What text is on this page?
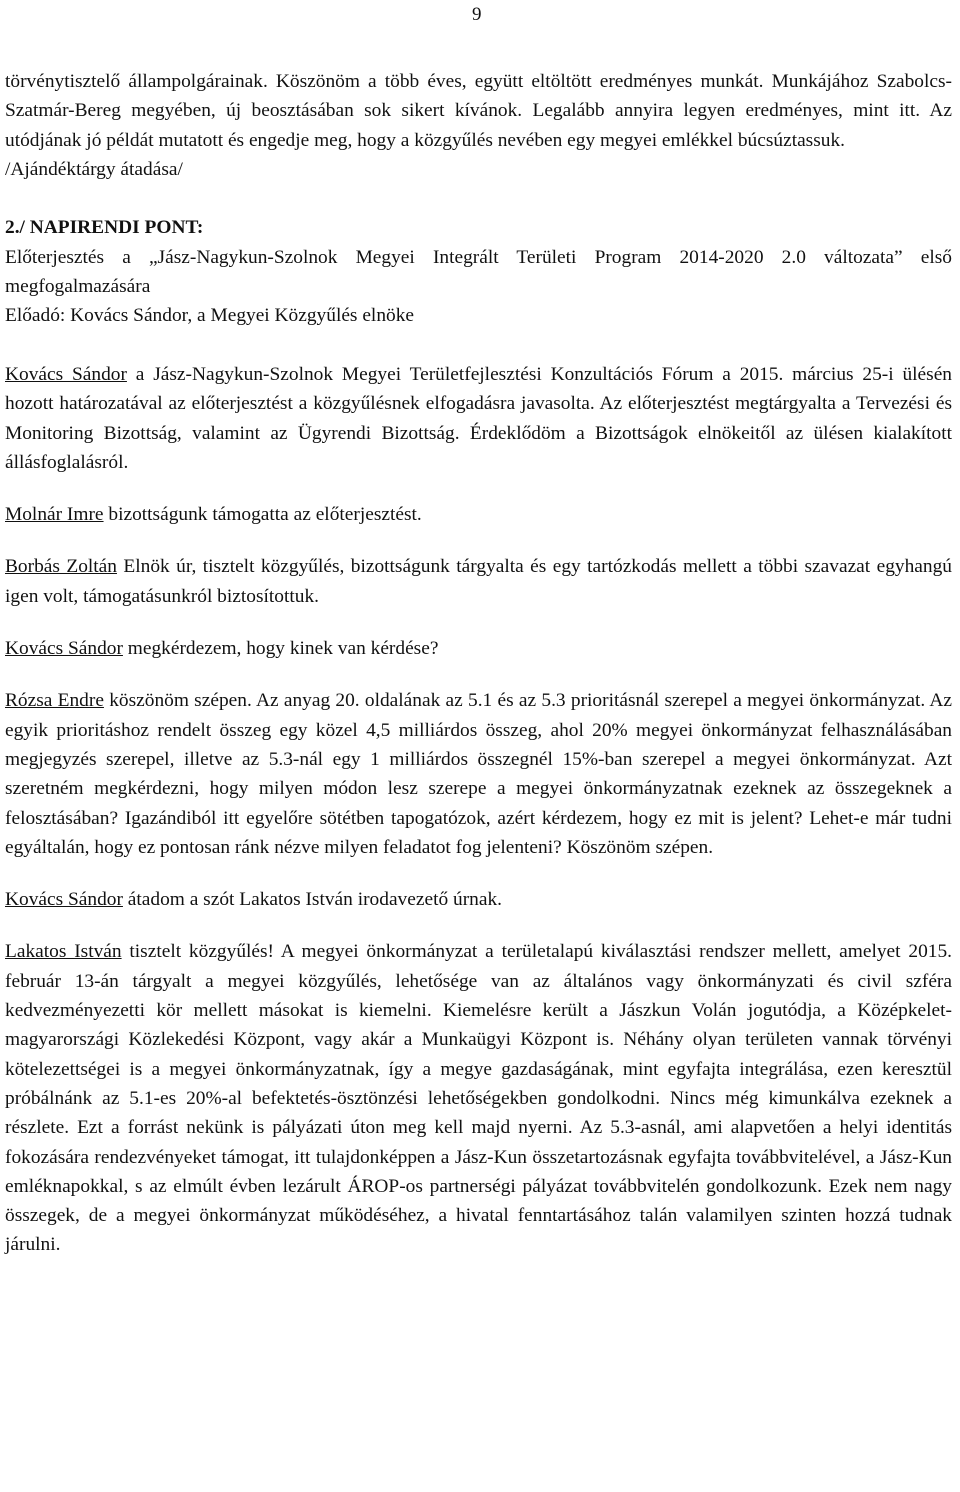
9

törvénytisztelő állampolgárainak. Köszönöm a több éves, együtt eltöltött eredményes munkát. Munkájához Szabolcs-Szatmár-Bereg megyében, új beosztásában sok sikert kívánok. Legalább annyira legyen eredményes, mint itt. Az utódjának jó példát mutatott és engedje meg, hogy a közgyűlés nevében egy megyei emlékkel búcsúztassuk.

/Ajándéktárgy átadása/

2./ NAPIRENDI PONT:

Előterjesztés a „Jász-Nagykun-Szolnok Megyei Integrált Területi Program 2014-2020 2.0 változata” első megfogalmazására

Előadó: Kovács Sándor, a Megyei Közgyűlés elnöke

Kovács Sándor a Jász-Nagykun-Szolnok Megyei Területfejlesztési Konzultációs Fórum a 2015. március 25-i ülésén hozott határozatával az előterjesztést a közgyűlésnek elfogadásra javasolta. Az előterjesztést megtárgyalta a Tervezési és Monitoring Bizottság, valamint az Ügyrendi Bizottság. Érdeklődöm a Bizottságok elnökeitől az ülésen kialakított állásfoglalásról.

Molnár Imre bizottságunk támogatta az előterjesztést.

Borbás Zoltán Elnök úr, tisztelt közgyűlés, bizottságunk tárgyalta és egy tartózkodás mellett a többi szavazat egyhangú igen volt, támogatásunkról biztosítottuk.

Kovács Sándor megkérdezem, hogy kinek van kérdése?

Rózsa Endre köszönöm szépen. Az anyag 20. oldalának az 5.1 és az 5.3 prioritásnál szerepel a megyei önkormányzat. Az egyik prioritáshoz rendelt összeg egy közel 4,5 milliárdos összeg, ahol 20% megyei önkormányzat felhasználásában megjegyzés szerepel, illetve az 5.3-nál egy 1 milliárdos összegnél 15%-ban szerepel a megyei önkormányzat. Azt szeretném megkérdezni, hogy milyen módon lesz szerepe a megyei önkormányzatnak ezeknek az összegeknek a felosztásában? Igazándiból itt egyelőre sötétben tapogatózok, azért kérdezem, hogy ez mit is jelent? Lehet-e már tudni egyáltalán, hogy ez pontosan ránk nézve milyen feladatot fog jelenteni? Köszönöm szépen.

Kovács Sándor átadom a szót Lakatos István irodavezető úrnak.

Lakatos István tisztelt közgyűlés! A megyei önkormányzat a területalapú kiválasztási rendszer mellett, amelyet 2015. február 13-án tárgyalt a megyei közgyűlés, lehetősége van az általános vagy önkormányzati és civil szféra kedvezményezetti kör mellett másokat is kiemelni. Kiemelésre került a Jászkun Volán jogutódja, a Középkelet-magyarországi Közlekedési Központ, vagy akár a Munkaügyi Központ is. Néhány olyan területen vannak törvényi kötelezettségei is a megyei önkormányzatnak, így a megye gazdaságának, mint egyfajta integrálása, ezen keresztül próbálnánk az 5.1-es 20%-al befektetés-ösztönzési lehetőségekben gondolkodni. Nincs még kimunkálva ezeknek a részlete. Ezt a forrást nekünk is pályázati úton meg kell majd nyerni. Az 5.3-asnál, ami alapvetően a helyi identitás fokozására rendezvényeket támogat, itt tulajdonképpen a Jász-Kun összetartozásnak egyfajta továbbvitelével, a Jász-Kun emléknapokkal, s az elmúlt évben lezárult ÁROP-os partnerségi pályázat továbbvitelén gondolkozunk. Ezek nem nagy összegek, de a megyei önkormányzat működéséhez, a hivatal fenntartásához talán valamilyen szinten hozzá tudnak járulni.
